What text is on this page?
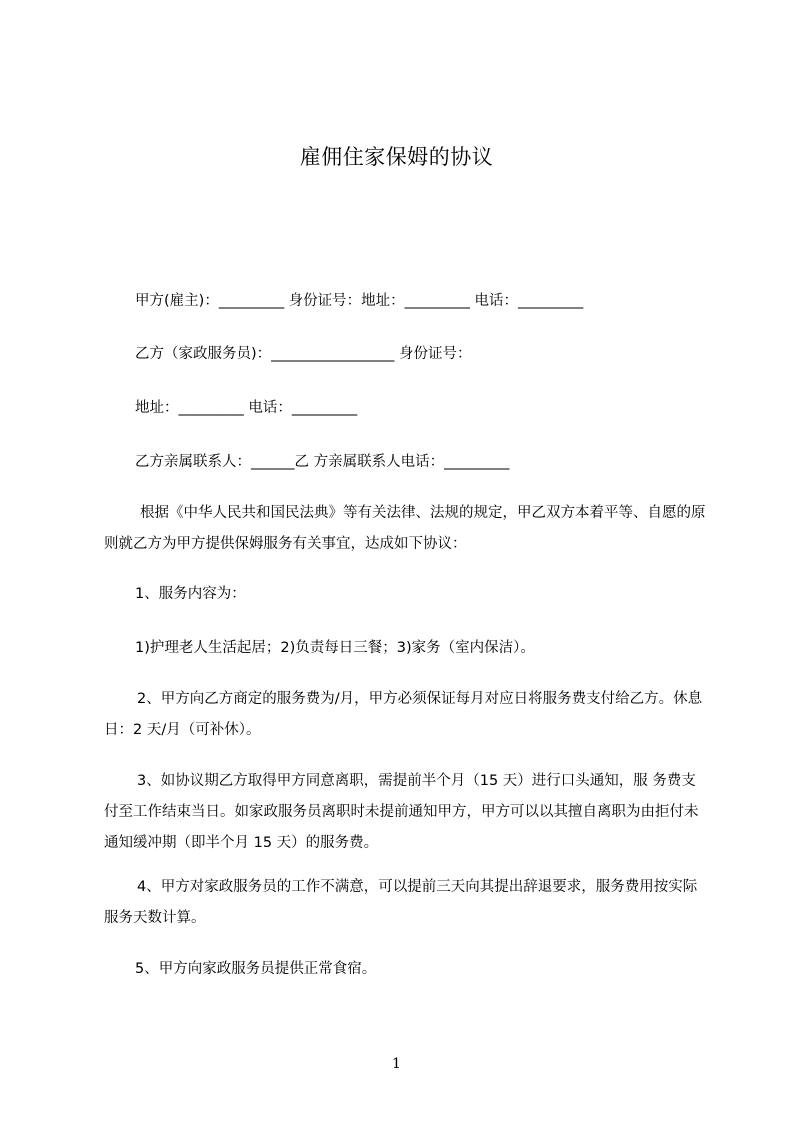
雇佣住家保姆的协议
甲方(雇主)：_________ 身份证号：地址：_________ 电话：_________
乙方（家政服务员)：_________________ 身份证号：
地址：_________ 电话：_________
乙方亲属联系人：______乙 方亲属联系人电话：_________
根据《中华人民共和国民法典》等有关法律、法规的规定，甲乙双方本着平等、自愿的原则就乙方为甲方提供保姆服务有关事宜，达成如下协议：
1、服务内容为：
1)护理老人生活起居；2)负责每日三餐；3)家务（室内保洁）。
2、甲方向乙方商定的服务费为/月，甲方必须保证每月对应日将服务费支付给乙方。休息日：2 天/月（可补休）。
3、如协议期乙方取得甲方同意离职，需提前半个月（15 天）进行口头通知，服 务费支付至工作结束当日。如家政服务员离职时未提前通知甲方，甲方可以以其擅自离职为由拒付未通知缓冲期（即半个月 15 天）的服务费。
4、甲方对家政服务员的工作不满意，可以提前三天向其提出辞退要求，服务费用按实际服务天数计算。
5、甲方向家政服务员提供正常食宿。
1
